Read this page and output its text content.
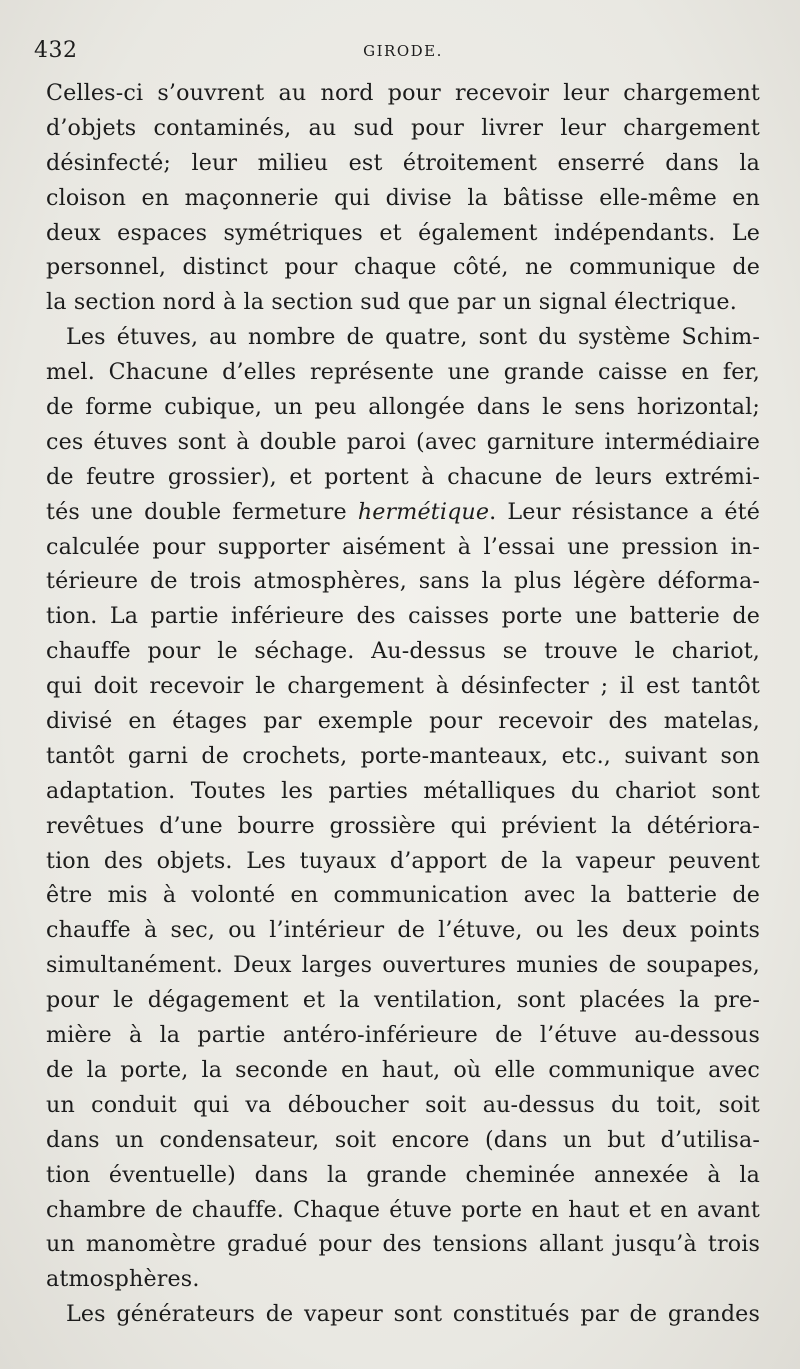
432	GIRODE.
Celles-ci s’ouvrent au nord pour recevoir leur chargement
d’objets contaminés, au sud pour livrer leur chargement
désinfecté; leur milieu est étroitement enserré dans la
cloison en maçonnerie qui divise la bâtisse elle-même en
deux espaces symétriques et également indépendants. Le
personnel, distinct pour chaque côté, ne communique de
la section nord à la section sud que par un signal électrique.
Les étuves, au nombre de quatre, sont du système Schim-
mel. Chacune d’elles représente une grande caisse en fer,
de forme cubique, un peu allongée dans le sens horizontal;
ces étuves sont à double paroi (avec garniture intermédiaire
de feutre grossier), et portent à chacune de leurs extrémi-
tés une double fermeture hermétique. Leur résistance a été
calculée pour supporter aisément à l’essai une pression in-
térieure de trois atmosphères, sans la plus légère déforma-
tion. La partie inférieure des caisses porte une batterie de
chauffe pour le séchage. Au-dessus se trouve le chariot,
qui doit recevoir le chargement à désinfecter ; il est tantôt
divisé en étages par exemple pour recevoir des matelas,
tantôt garni de crochets, porte-manteaux, etc., suivant son
adaptation. Toutes les parties métalliques du chariot sont
revêtues d’une bourre grossière qui prévient la détériora-
tion des objets. Les tuyaux d’apport de la vapeur peuvent
être mis à volonté en communication avec la batterie de
chauffe à sec, ou l’intérieur de l’étuve, ou les deux points
simultanément. Deux larges ouvertures munies de soupapes,
pour le dégagement et la ventilation, sont placées la pre-
mière à la partie antéro-inférieure de l’étuve au-dessous
de la porte, la seconde en haut, où elle communique avec
un conduit qui va déboucher soit au-dessus du toit, soit
dans un condensateur, soit encore (dans un but d’utilisa-
tion éventuelle) dans la grande cheminée annexée à la
chambre de chauffe. Chaque étuve porte en haut et en avant
un manomètre gradué pour des tensions allant jusqu’à trois
atmosphères.
Les générateurs de vapeur sont constitués par de grandes
